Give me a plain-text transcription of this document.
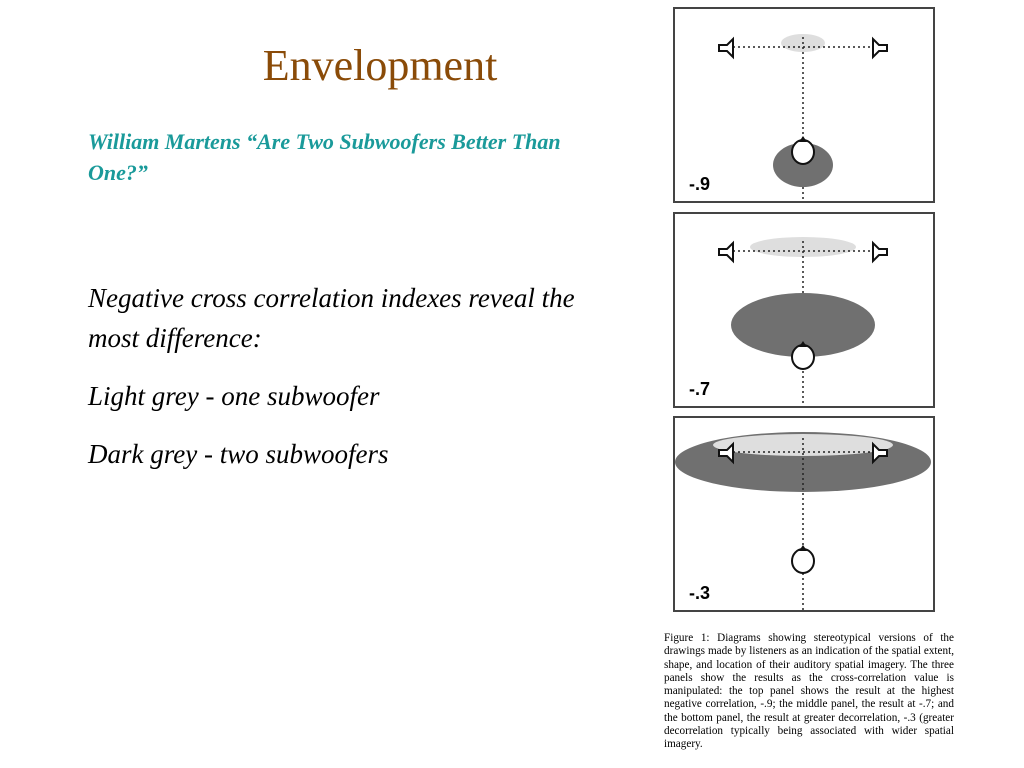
Envelopment
William Martens “Are Two Subwoofers Better Than One?”

Negative cross correlation indexes reveal the most difference:

Light grey - one subwoofer

Dark grey - two subwoofers

-.9
-.7
-.3
Figure 1: Diagrams showing stereotypical versions of the drawings made by listeners as an indication of the spatial extent, shape, and location of their auditory spatial imagery. The three panels show the results as the cross-correlation value is manipulated: the top panel shows the result at the highest negative correlation, -.9; the middle panel, the result at -.7; and the bottom panel, the result at greater decorrelation, -.3 (greater decorrelation typically being associated with wider spatial imagery.
